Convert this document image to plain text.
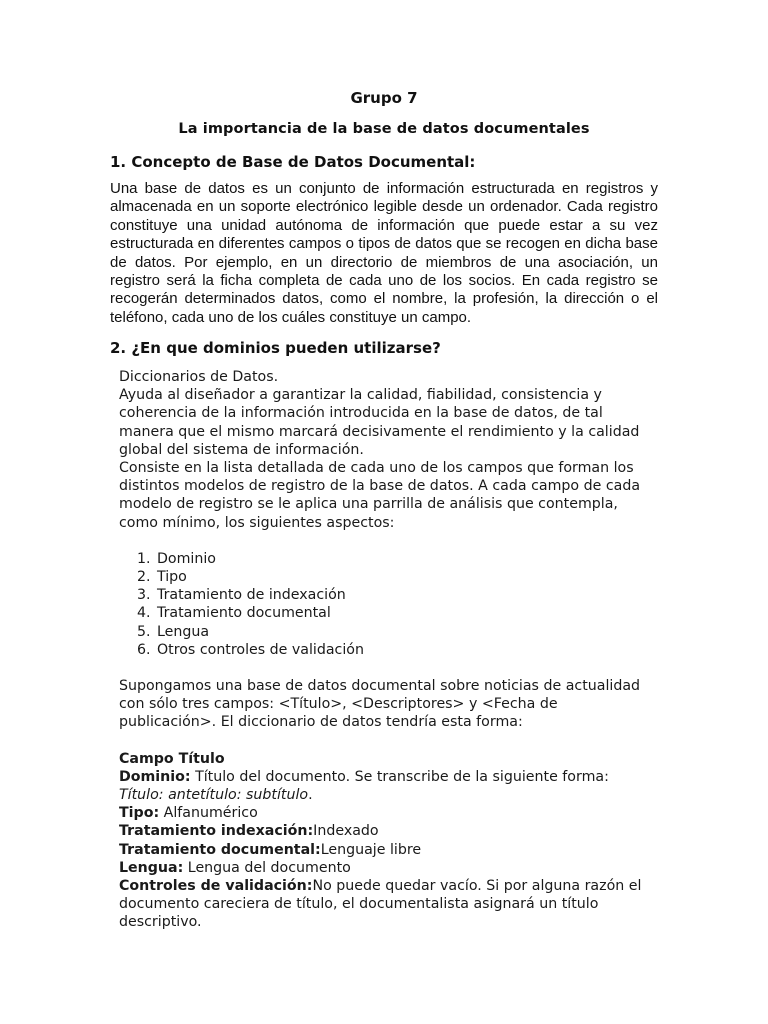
Grupo 7
La importancia de la base de datos documentales
1. Concepto de Base de Datos Documental:

Una base de datos es un conjunto de información estructurada en registros y almacenada en un soporte electrónico legible desde un ordenador. Cada registro constituye una unidad autónoma de información que puede estar a su vez estructurada en diferentes campos o tipos de datos que se recogen en dicha base de datos. Por ejemplo, en un directorio de miembros de una asociación, un registro será la ficha completa de cada uno de los socios. En cada registro se recogerán determinados datos, como el nombre, la profesión, la dirección o el teléfono, cada uno de los cuáles constituye un campo.

2. ¿En que dominios pueden utilizarse?

Diccionarios de Datos.

Ayuda al diseñador a garantizar la calidad, fiabilidad, consistencia y coherencia de la información introducida en la base de datos, de tal manera que el mismo marcará decisivamente el rendimiento y la calidad global del sistema de información.

Consiste en la lista detallada de cada uno de los campos que forman los distintos modelos de registro de la base de datos. A cada campo de cada modelo de registro se le aplica una parrilla de análisis que contempla, como mínimo, los siguientes aspectos:

1. Dominio
2. Tipo
3. Tratamiento de indexación
4. Tratamiento documental
5. Lengua
6. Otros controles de validación

Supongamos una base de datos documental sobre noticias de actualidad con sólo tres campos: <Título>, <Descriptores> y <Fecha de publicación>. El diccionario de datos tendría esta forma:

Campo Título

Dominio: Título del documento. Se transcribe de la siguiente forma: Título: antetítulo: subtítulo.

Tipo: Alfanumérico

Tratamiento indexación:Indexado

Tratamiento documental:Lenguaje libre

Lengua: Lengua del documento

Controles de validación:No puede quedar vacío. Si por alguna razón el documento careciera de título, el documentalista asignará un título descriptivo.
